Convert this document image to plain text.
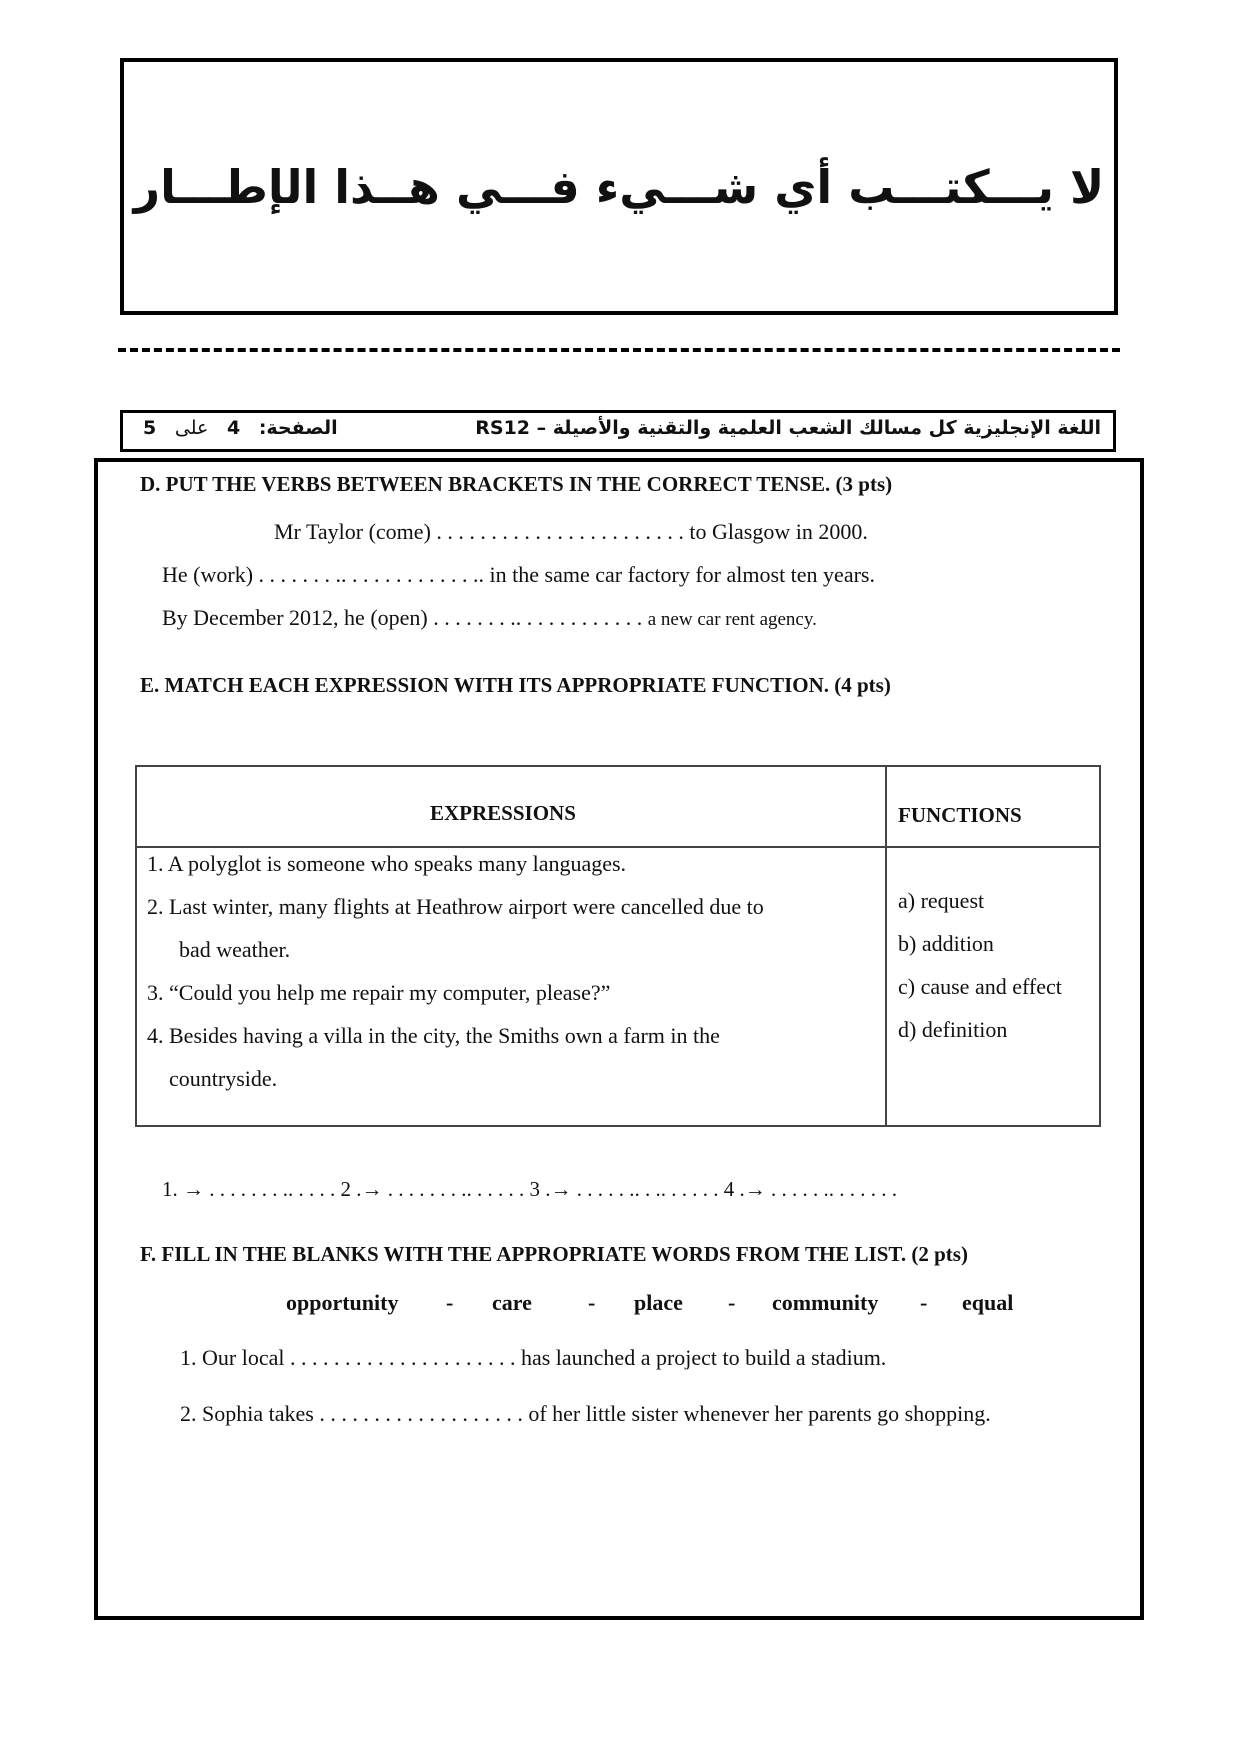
لا يـــكتـــب أي شـــيء فـــي هــذا الإطـــار
اللغة الإنجليزية كل مسالك الشعب العلمية والتقنية والأصيلة – RS12
الصفحة: 4 على 5
D. PUT THE VERBS BETWEEN BRACKETS IN THE CORRECT TENSE. (3 pts)
Mr Taylor (come) . . . . . . . . . . . . . . . . . . . . . . . to Glasgow in 2000.
He (work) . . . . . . . .. . . . . . . . . . . . .. in the same car factory for almost ten years.
By December 2012, he (open) . . . . . . . .. . . . . . . . . . . . a new car rent agency.
E. MATCH EACH EXPRESSION WITH ITS APPROPRIATE FUNCTION. (4 pts)
EXPRESSIONS	FUNCTIONS
1. A polyglot is someone who speaks many languages.
2. Last winter, many flights at Heathrow airport were cancelled due to
bad weather.
3. “Could you help me repair my computer, please?”
4. Besides having a villa in the city, the Smiths own a farm in the
countryside.
a) request
b) addition
c) cause and effect
d) definition
1. → . . . . . . . .. . . . . 2 .→ . . . . . . . .. . . . . . 3 .→ . . . . . .. . .. . . . . . 4 .→ . . . . . .. . . . . . .
F. FILL IN THE BLANKS WITH THE APPROPRIATE WORDS FROM THE LIST. (2 pts)
opportunity - care	- place - community - equal
1. Our local . . . . . . . . . . . . . . . . . . . . . has launched a project to build a stadium.
2. Sophia takes . . . . . . . . . . . . . . . . . . . of her little sister whenever her parents go shopping.
